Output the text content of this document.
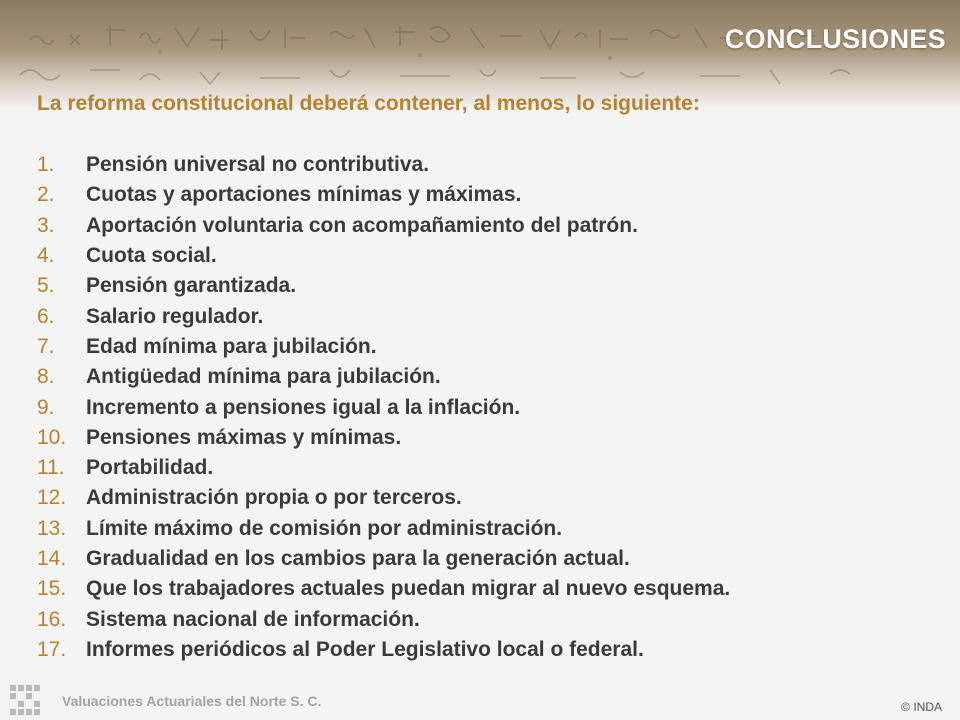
CONCLUSIONES
La reforma constitucional deberá contener, al menos, lo siguiente:
1.	Pensión universal no contributiva.
2.	Cuotas y aportaciones mínimas y máximas.
3.	Aportación voluntaria con acompañamiento del patrón.
4.	Cuota social.
5.	Pensión garantizada.
6.	Salario regulador.
7.	Edad mínima para jubilación.
8.	Antigüedad mínima para jubilación.
9.	Incremento a pensiones igual a la inflación.
10. Pensiones máximas y mínimas.
11.	Portabilidad.
12. Administración propia o por terceros.
13. Límite máximo de comisión por administración.
14. Gradualidad en los cambios para la generación actual.
15. Que los trabajadores actuales puedan migrar al nuevo esquema.
16. Sistema nacional de información.
17. Informes periódicos al Poder Legislativo local o federal.
Valuaciones Actuariales del Norte S. C.	© INDA
